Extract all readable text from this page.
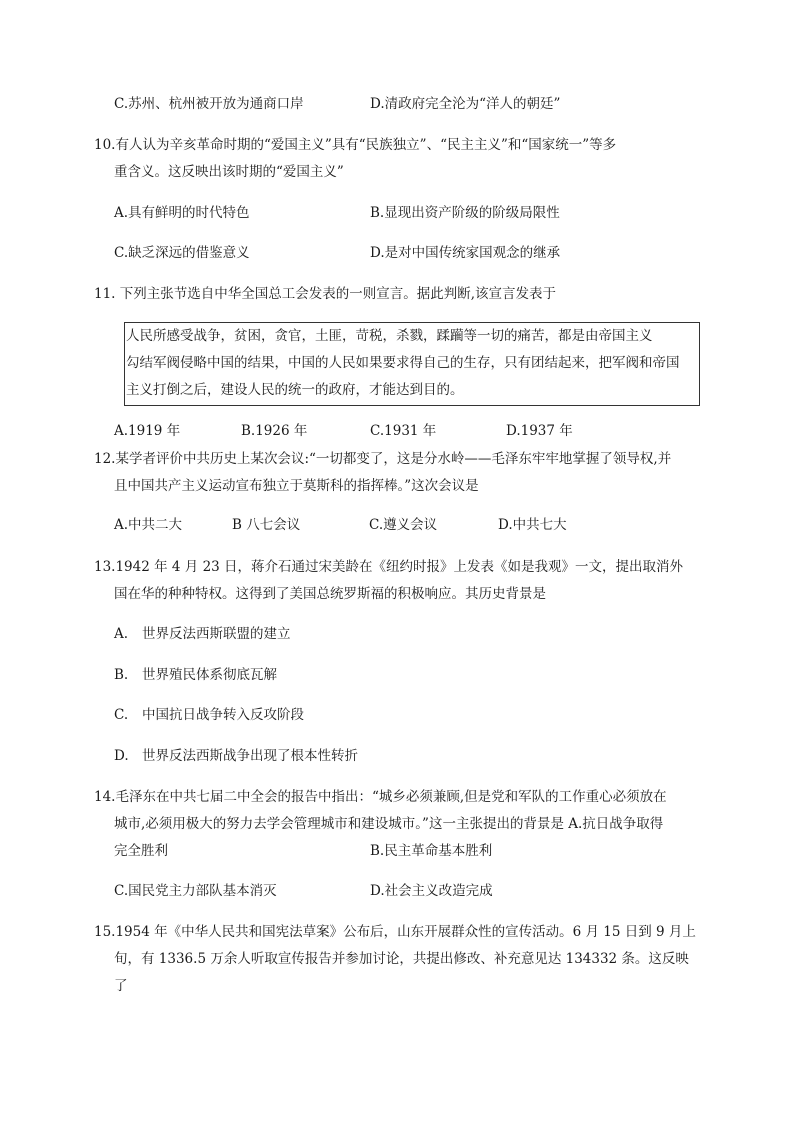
C.苏州、杭州被开放为通商口岸	D.清政府完全沦为“洋人的朝廷”
10.有人认为辛亥革命时期的“爱国主义”具有“民族独立”、“民主主义”和“国家统一”等多
重含义。这反映出该时期的“爱国主义”
A.具有鲜明的时代特色	B.显现出资产阶级的阶级局限性
C.缺乏深远的借鉴意义	D.是对中国传统家国观念的继承
11. 下列主张节选自中华全国总工会发表的一则宣言。据此判断,该宣言发表于
人民所感受战争，贫困，贪官，土匪，苛税，杀戮，蹂躏等一切的痛苦，都是由帝国主义
勾结军阀侵略中国的结果，中国的人民如果要求得自己的生存，只有团结起来，把军阀和帝国
主义打倒之后，建设人民的统一的政府，才能达到目的。
A.1919 年	B.1926 年	C.1931 年	D.1937 年
12.某学者评价中共历史上某次会议:“一切都变了，这是分水岭——毛泽东牢牢地掌握了领导权,并
且中国共产主义运动宣布独立于莫斯科的指挥棒。”这次会议是
A.中共二大	B 八七会议	C.遵义会议	D.中共七大
13.1942 年 4 月 23 日，蒋介石通过宋美龄在《纽约时报》上发表《如是我观》一文，提出取消外
国在华的种种特权。这得到了美国总统罗斯福的积极响应。其历史背景是
A. 世界反法西斯联盟的建立
B. 世界殖民体系彻底瓦解
C. 中国抗日战争转入反攻阶段
D. 世界反法西斯战争出现了根本性转折
14.毛泽东在中共七届二中全会的报告中指出：“城乡必须兼顾,但是党和军队的工作重心必须放在
城市,必须用极大的努力去学会管理城市和建设城市。”这一主张提出的背景是 A.抗日战争取得
完全胜利	B.民主革命基本胜利
C.国民党主力部队基本消灭	D.社会主义改造完成
15.1954 年《中华人民共和国宪法草案》公布后，山东开展群众性的宣传活动。6 月 15 日到 9 月上
旬，有 1336.5 万余人听取宣传报告并参加讨论，共提出修改、补充意见达 134332 条。这反映
了
